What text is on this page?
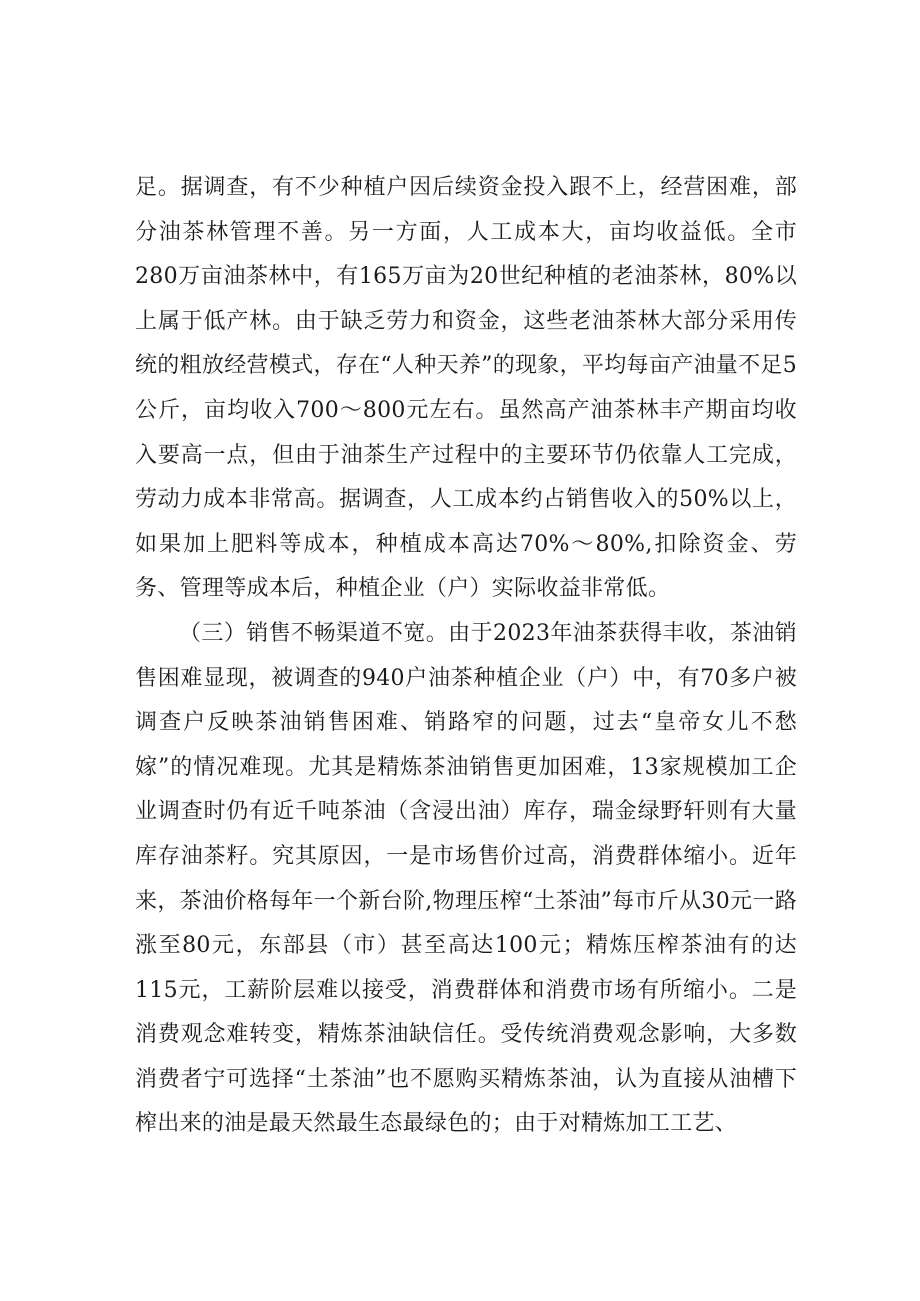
足。据调查，有不少种植户因后续资金投入跟不上，经营困难，部分油茶林管理不善。另一方面，人工成本大，亩均收益低。全市280万亩油茶林中，有165万亩为20世纪种植的老油茶林，80%以上属于低产林。由于缺乏劳力和资金，这些老油茶林大部分采用传统的粗放经营模式，存在“人种天养”的现象，平均每亩产油量不足5公斤，亩均收入700～800元左右。虽然高产油茶林丰产期亩均收入要高一点，但由于油茶生产过程中的主要环节仍依靠人工完成，劳动力成本非常高。据调查，人工成本约占销售收入的50%以上，如果加上肥料等成本，种植成本高达70%～80%,扣除资金、劳务、管理等成本后，种植企业（户）实际收益非常低。

（三）销售不畅渠道不宽。由于2023年油茶获得丰收，茶油销售困难显现，被调查的940户油茶种植企业（户）中，有70多户被调查户反映茶油销售困难、销路窄的问题，过去“皇帝女儿不愁嫁”的情况难现。尤其是精炼茶油销售更加困难，13家规模加工企业调查时仍有近千吨茶油（含浸出油）库存，瑞金绿野轩则有大量库存油茶籽。究其原因，一是市场售价过高，消费群体缩小。近年来，茶油价格每年一个新台阶,物理压榨“土茶油”每市斤从30元一路涨至80元，东部县（市）甚至高达100元；精炼压榨茶油有的达115元，工薪阶层难以接受，消费群体和消费市场有所缩小。二是消费观念难转变，精炼茶油缺信任。受传统消费观念影响，大多数消费者宁可选择“土茶油”也不愿购买精炼茶油，认为直接从油槽下榨出来的油是最天然最生态最绿色的；由于对精炼加工工艺、
